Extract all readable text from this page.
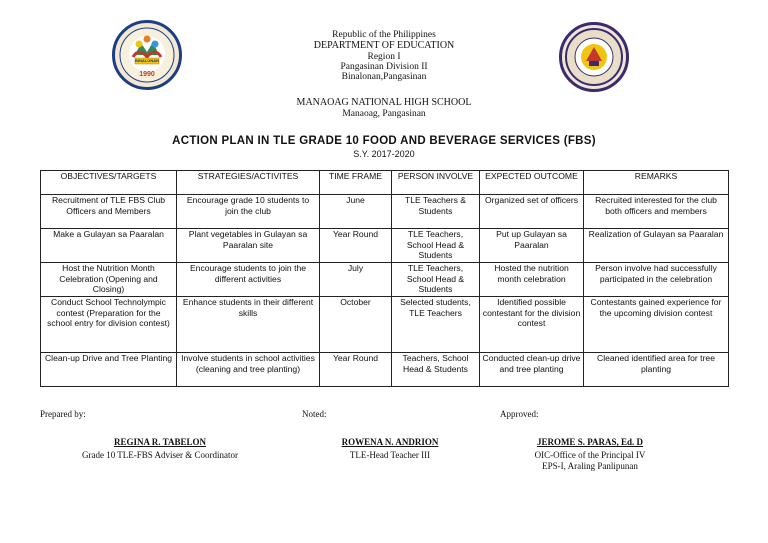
BINALONAN
1990
Republic of the Philippines
DEPARTMENT OF EDUCATION
Region I
Pangasinan Division II
Binalonan,Pangasinan
MANAOAG NATIONAL HIGH SCHOOL
Manaoag, Pangasinan
ACTION PLAN IN TLE GRADE 10 FOOD AND BEVERAGE SERVICES (FBS)
S.Y. 2017-2020
OBJECTIVES/TARGETS	STRATEGIES/ACTIVITES	TIME FRAME	PERSON INVOLVE	EXPECTED OUTCOME	REMARKS
Recruitment of TLE FBS Club Officers and Members	Encourage grade 10 students to join the club	June	TLE Teachers & Students	Organized set of officers	Recruited interested for the club both officers and members
Make a Gulayan sa Paaralan	Plant vegetables in Gulayan sa Paaralan site	Year Round	TLE Teachers, School Head & Students	Put up Gulayan sa Paaralan	Realization of Gulayan sa Paaralan
Host the Nutrition Month Celebration (Opening and Closing)	Encourage students to join the different activities	July	TLE Teachers, School Head & Students	Hosted the nutrition month celebration	Person involve had successfully participated in the celebration
Conduct School Technolympic contest (Preparation for the school entry for division contest)	Enhance students in their different skills	October	Selected students, TLE Teachers	Identified possible contestant for the division contest	Contestants gained experience for the upcoming division contest
Clean-up Drive and Tree Planting	Involve students in school activities (cleaning and tree planting)	Year Round	Teachers, School Head & Students	Conducted clean-up drive and tree planting	Cleaned identified area for tree planting
Prepared by:	Noted:	Approved:
REGINA R. TABELON
Grade 10 TLE-FBS Adviser & Coordinator
ROWENA N. ANDRION
TLE-Head Teacher III
JEROME S. PARAS, Ed. D
OIC-Office of the Principal IV
EPS-I, Araling Panlipunan
